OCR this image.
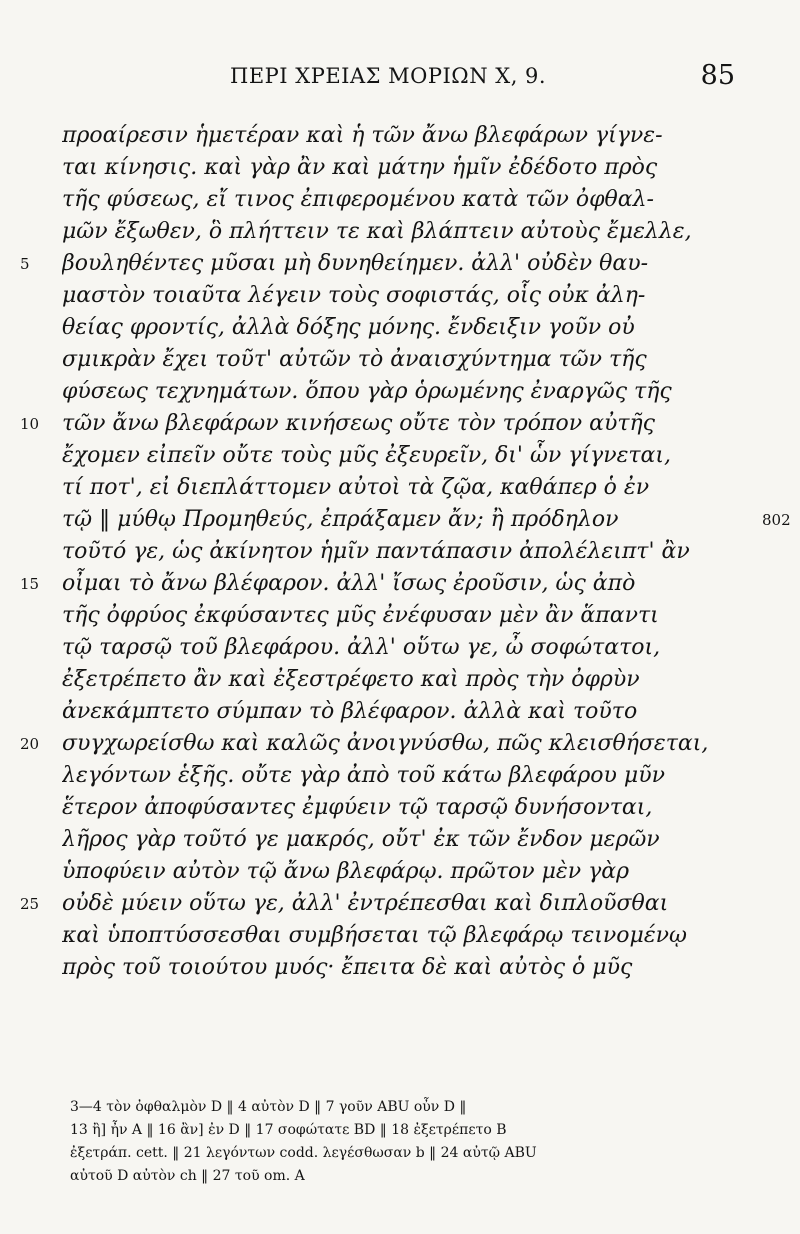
ΠΕΡΙ ΧΡΕΙΑΣ ΜΟΡΙΩΝ Χ, 9.	85
5
10
15
20
25
802
προαίρεσιν ἡμετέραν καὶ ἡ τῶν ἄνω βλεφάρων γίγνε-
ται κίνησις. καὶ γὰρ ἂν καὶ μάτην ἡμῖν ἐδέδοτο πρὸς
τῆς φύσεως, εἴ τινος ἐπιφερομένου κατὰ τῶν ὀφθαλ-
μῶν ἔξωθεν, ὃ πλήττειν τε καὶ βλάπτειν αὐτοὺς ἔμελλε,
βουληθέντες μῦσαι μὴ δυνηθείημεν. ἀλλ' οὐδὲν θαυ-
μαστὸν τοιαῦτα λέγειν τοὺς σοφιστάς, οἷς οὐκ ἀλη-
θείας φροντίς, ἀλλὰ δόξης μόνης. ἔνδειξιν γοῦν οὐ
σμικρὰν ἔχει τοῦτ' αὐτῶν τὸ ἀναισχύντημα τῶν τῆς
φύσεως τεχνημάτων. ὅπου γὰρ ὁρωμένης ἐναργῶς τῆς
τῶν ἄνω βλεφάρων κινήσεως οὔτε τὸν τρόπον αὐτῆς
ἔχομεν εἰπεῖν οὔτε τοὺς μῦς ἐξευρεῖν, δι' ὧν γίγνεται,
τί ποτ', εἰ διεπλάττομεν αὐτοὶ τὰ ζῷα, καθάπερ ὁ ἐν
τῷ ‖ μύθῳ Προμηθεύς, ἐπράξαμεν ἄν; ἢ πρόδηλον
τοῦτό γε, ὡς ἀκίνητον ἡμῖν παντάπασιν ἀπολέλειπτ' ἂν
οἶμαι τὸ ἄνω βλέφαρον. ἀλλ' ἴσως ἐροῦσιν, ὡς ἀπὸ
τῆς ὀφρύος ἐκφύσαντες μῦς ἐνέφυσαν μὲν ἂν ἅπαντι
τῷ ταρσῷ τοῦ βλεφάρου. ἀλλ' οὕτω γε, ὦ σοφώτατοι,
ἐξετρέπετο ἂν καὶ ἐξεστρέφετο καὶ πρὸς τὴν ὀφρὺν
ἀνεκάμπτετο σύμπαν τὸ βλέφαρον. ἀλλὰ καὶ τοῦτο
συγχωρείσθω καὶ καλῶς ἀνοιγνύσθω, πῶς κλεισθήσεται,
λεγόντων ἑξῆς. οὔτε γὰρ ἀπὸ τοῦ κάτω βλεφάρου μῦν
ἕτερον ἀποφύσαντες ἐμφύειν τῷ ταρσῷ δυνήσονται,
λῆρος γὰρ τοῦτό γε μακρός, οὔτ' ἐκ τῶν ἔνδον μερῶν
ὑποφύειν αὐτὸν τῷ ἄνω βλεφάρῳ. πρῶτον μὲν γὰρ
οὐδὲ μύειν οὕτω γε, ἀλλ' ἐντρέπεσθαι καὶ διπλοῦσθαι
καὶ ὑποπτύσσεσθαι συμβήσεται τῷ βλεφάρῳ τεινομένῳ
πρὸς τοῦ τοιούτου μυός· ἔπειτα δὲ καὶ αὐτὸς ὁ μῦς
3—4 τὸν ὀφθαλμὸν D ‖ 4 αὐτὸν D ‖ 7 γοῦν ABU οὖν D ‖
13 ἢ] ἦν A ‖ 16 ἂν] ἐν D ‖ 17 σοφώτατε BD ‖ 18 ἐξετρέπετο B
ἐξετράπ. cett. ‖ 21 λεγόντων codd. λεγέσθωσαν b ‖ 24 αὐτῷ ABU
αὐτοῦ D αὐτὸν ch ‖ 27 τοῦ om. A
